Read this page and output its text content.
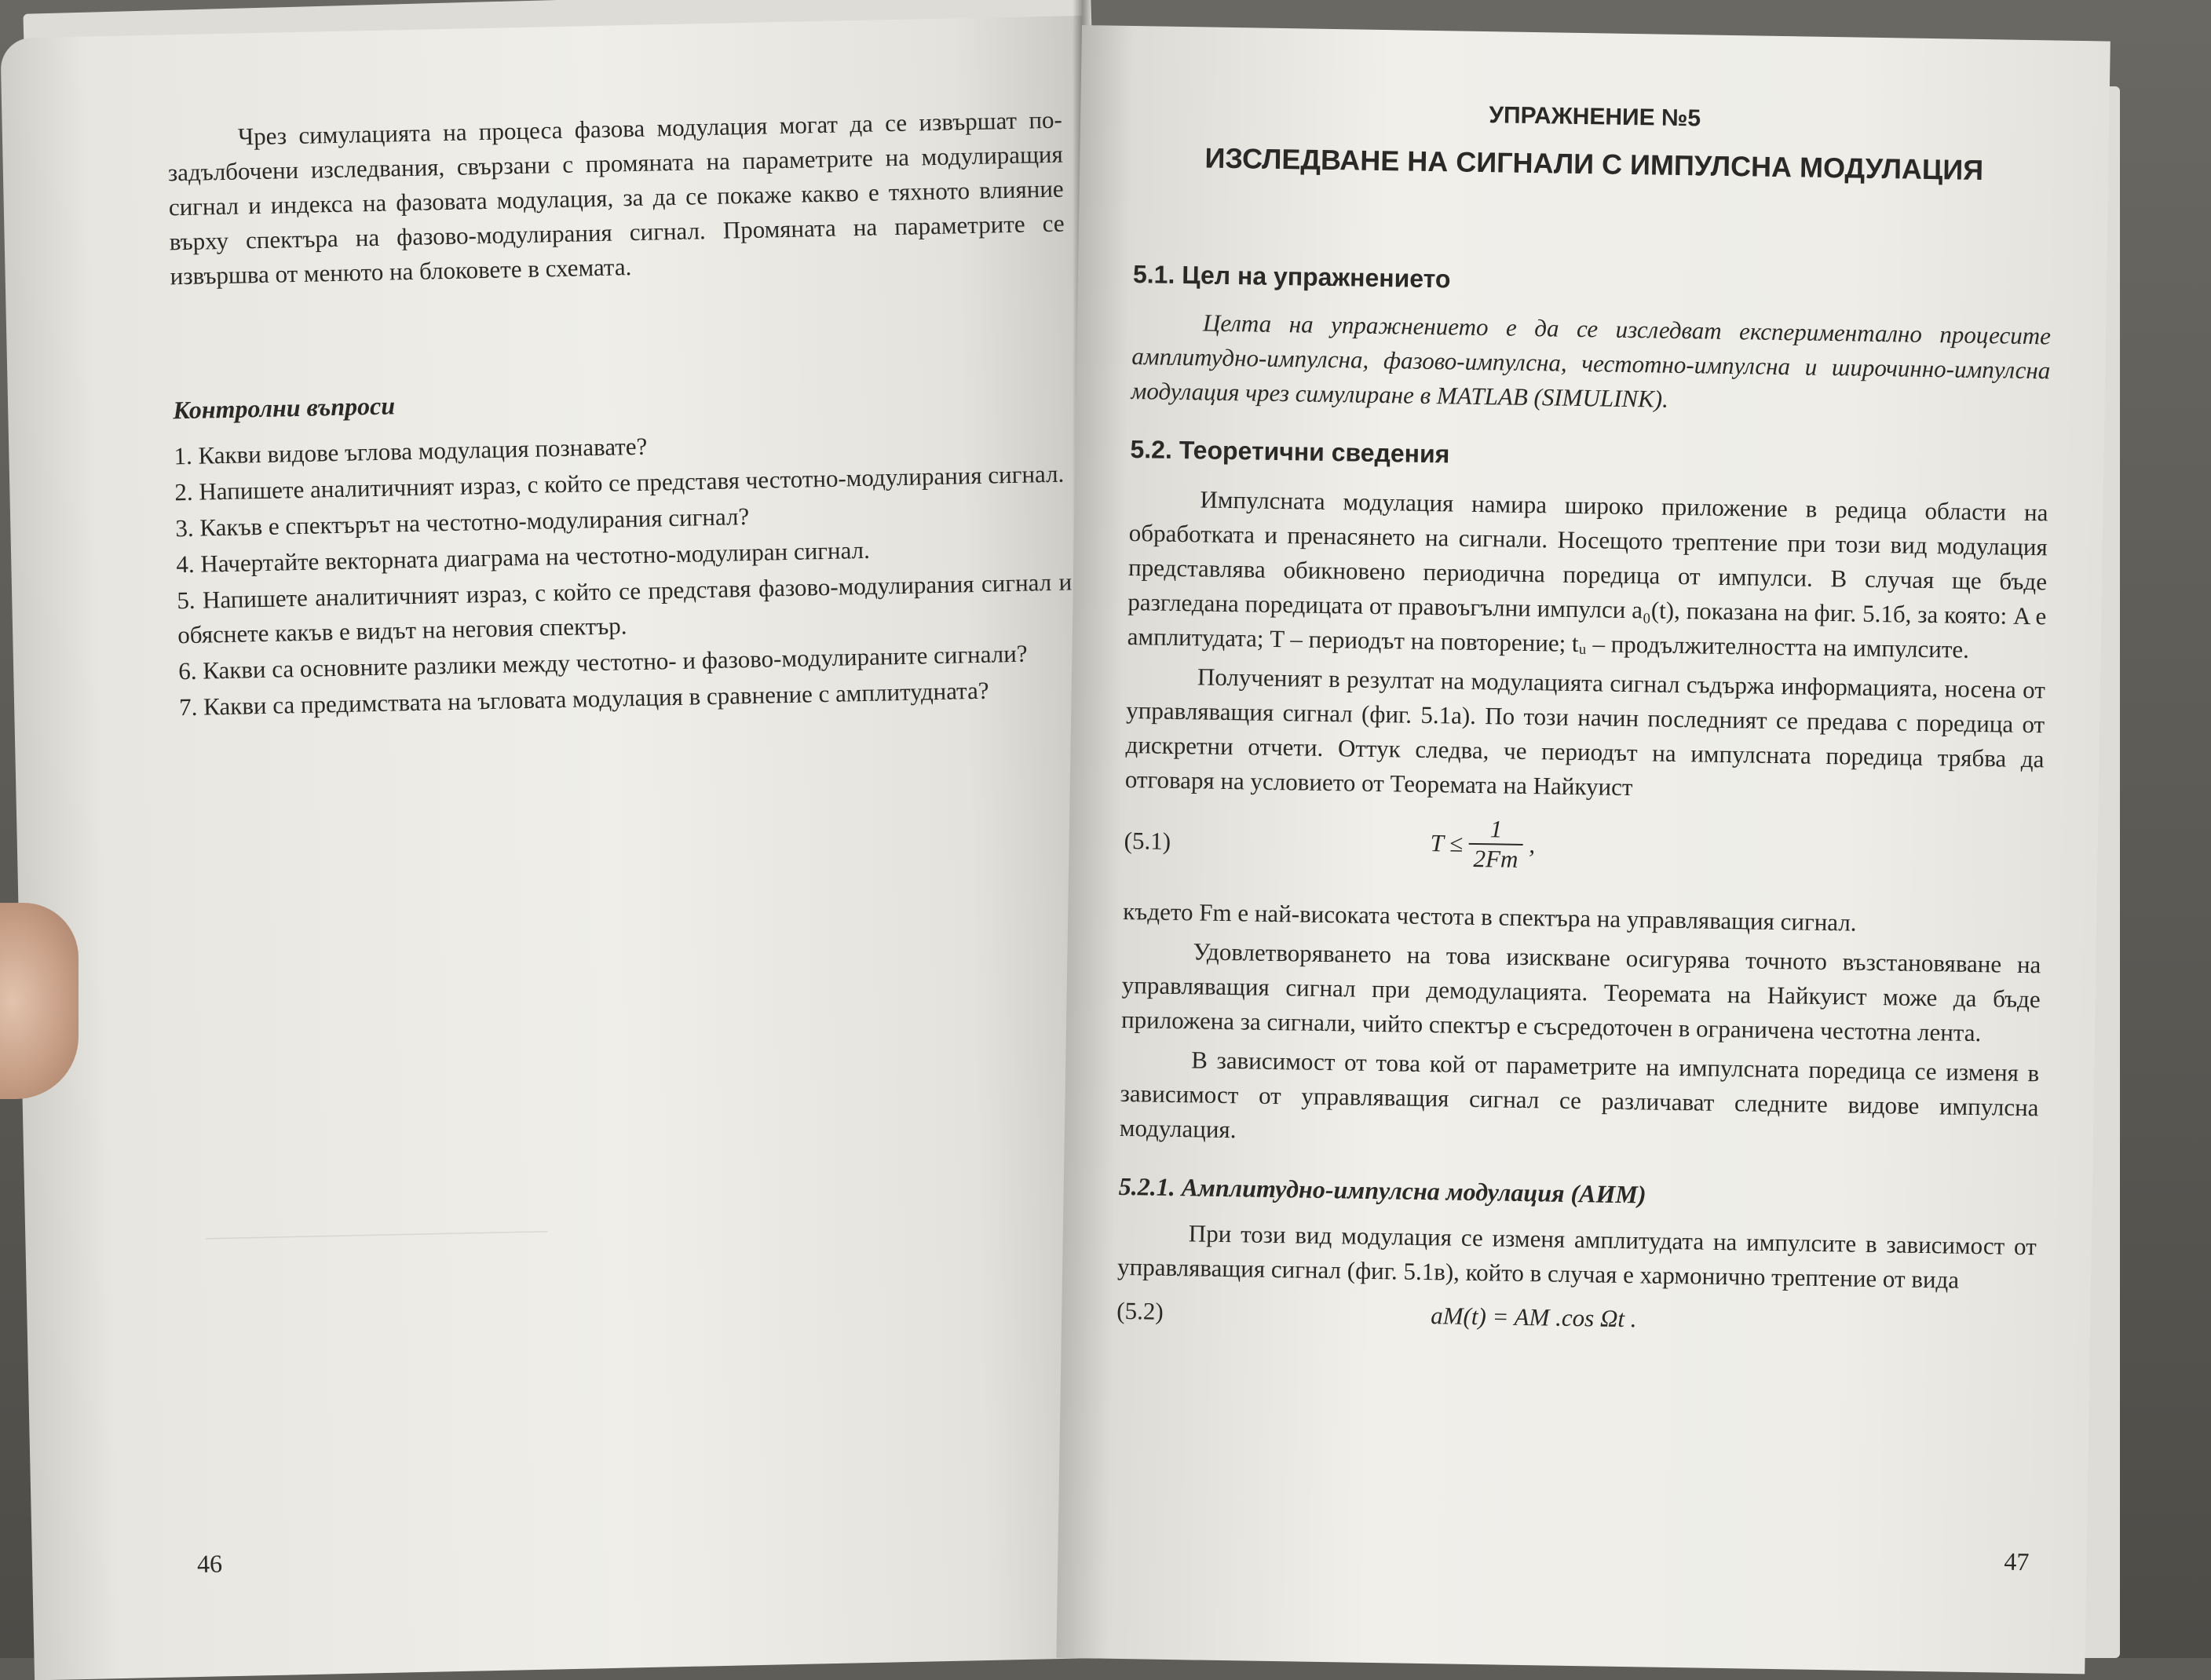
_____________________________

Чрез симулацията на процеса фазова модулация могат да се извършат по-задълбочени изследвания, свързани с промяната на параметрите на модулиращия сигнал и индекса на фазовата модулация, за да се покаже какво е тяхното влияние върху спектъра на фазово-модулирания сигнал. Промяната на параметрите се извършва от менюто на блоковете в схемата.

Контролни въпроси

1. Какви видове ъглова модулация познавате?

2. Напишете аналитичният израз, с който се представя честотно-модулирания сигнал.

3. Какъв е спектърът на честотно-модулирания сигнал?

4. Начертайте векторната диаграма на честотно-модулиран сигнал.

5. Напишете аналитичният израз, с който се представя фазово-модулирания сигнал и обяснете какъв е видът на неговия спектър.

6. Какви са основните разлики между честотно- и фазово-модулираните сигнали?

7. Какви са предимствата на ъгловата модулация в сравнение с амплитудната?

46

УПРАЖНЕНИЕ №5

ИЗСЛЕДВАНЕ НА СИГНАЛИ С ИМПУЛСНА МОДУЛАЦИЯ

5.1. Цел на упражнението

Целта на упражнението е да се изследват експериментално процесите амплитудно-импулсна, фазово-импулсна, честотно-импулсна и широчинно-импулсна модулация чрез симулиране в MATLAB (SIMULINK).

5.2. Теоретични сведения

Импулсната модулация намира широко приложение в редица области на обработката и пренасянето на сигнали. Носещото трептение при този вид модулация представлява обикновено периодична поредица от импулси. В случая ще бъде разгледана поредицата от правоъгълни импулси a₀(t), показана на фиг. 5.1б, за която: A е амплитудата; T – периодът на повторение; tᵤ – продължителността на импулсите.

Полученият в резултат на модулацията сигнал съдържа информацията, носена от управляващия сигнал (фиг. 5.1а). По този начин последният се предава с поредица от дискретни отчети. Оттук следва, че периодът на импулсната поредица трябва да отговаря на условието от Теоремата на Найкуист

(5.1)	$T \le \frac{1}{2Fm}$ ,

където Fm е най-високата честота в спектъра на управляващия сигнал.

Удовлетворяването на това изискване осигурява точното възстановяване на управляващия сигнал при демодулацията. Теоремата на Найкуист може да бъде приложена за сигнали, чийто спектър е съсредоточен в ограничена честотна лента.

В зависимост от това кой от параметрите на импулсната поредица се изменя в зависимост от управляващия сигнал се различават следните видове импулсна модулация.

5.2.1. Амплитудно-импулсна модулация (АИМ)

При този вид модулация се изменя амплитудата на импулсите в зависимост от управляващия сигнал (фиг. 5.1в), който в случая е хармонично трептение от вида

(5.2)	aM(t) = AM .cos Ωt .
47
